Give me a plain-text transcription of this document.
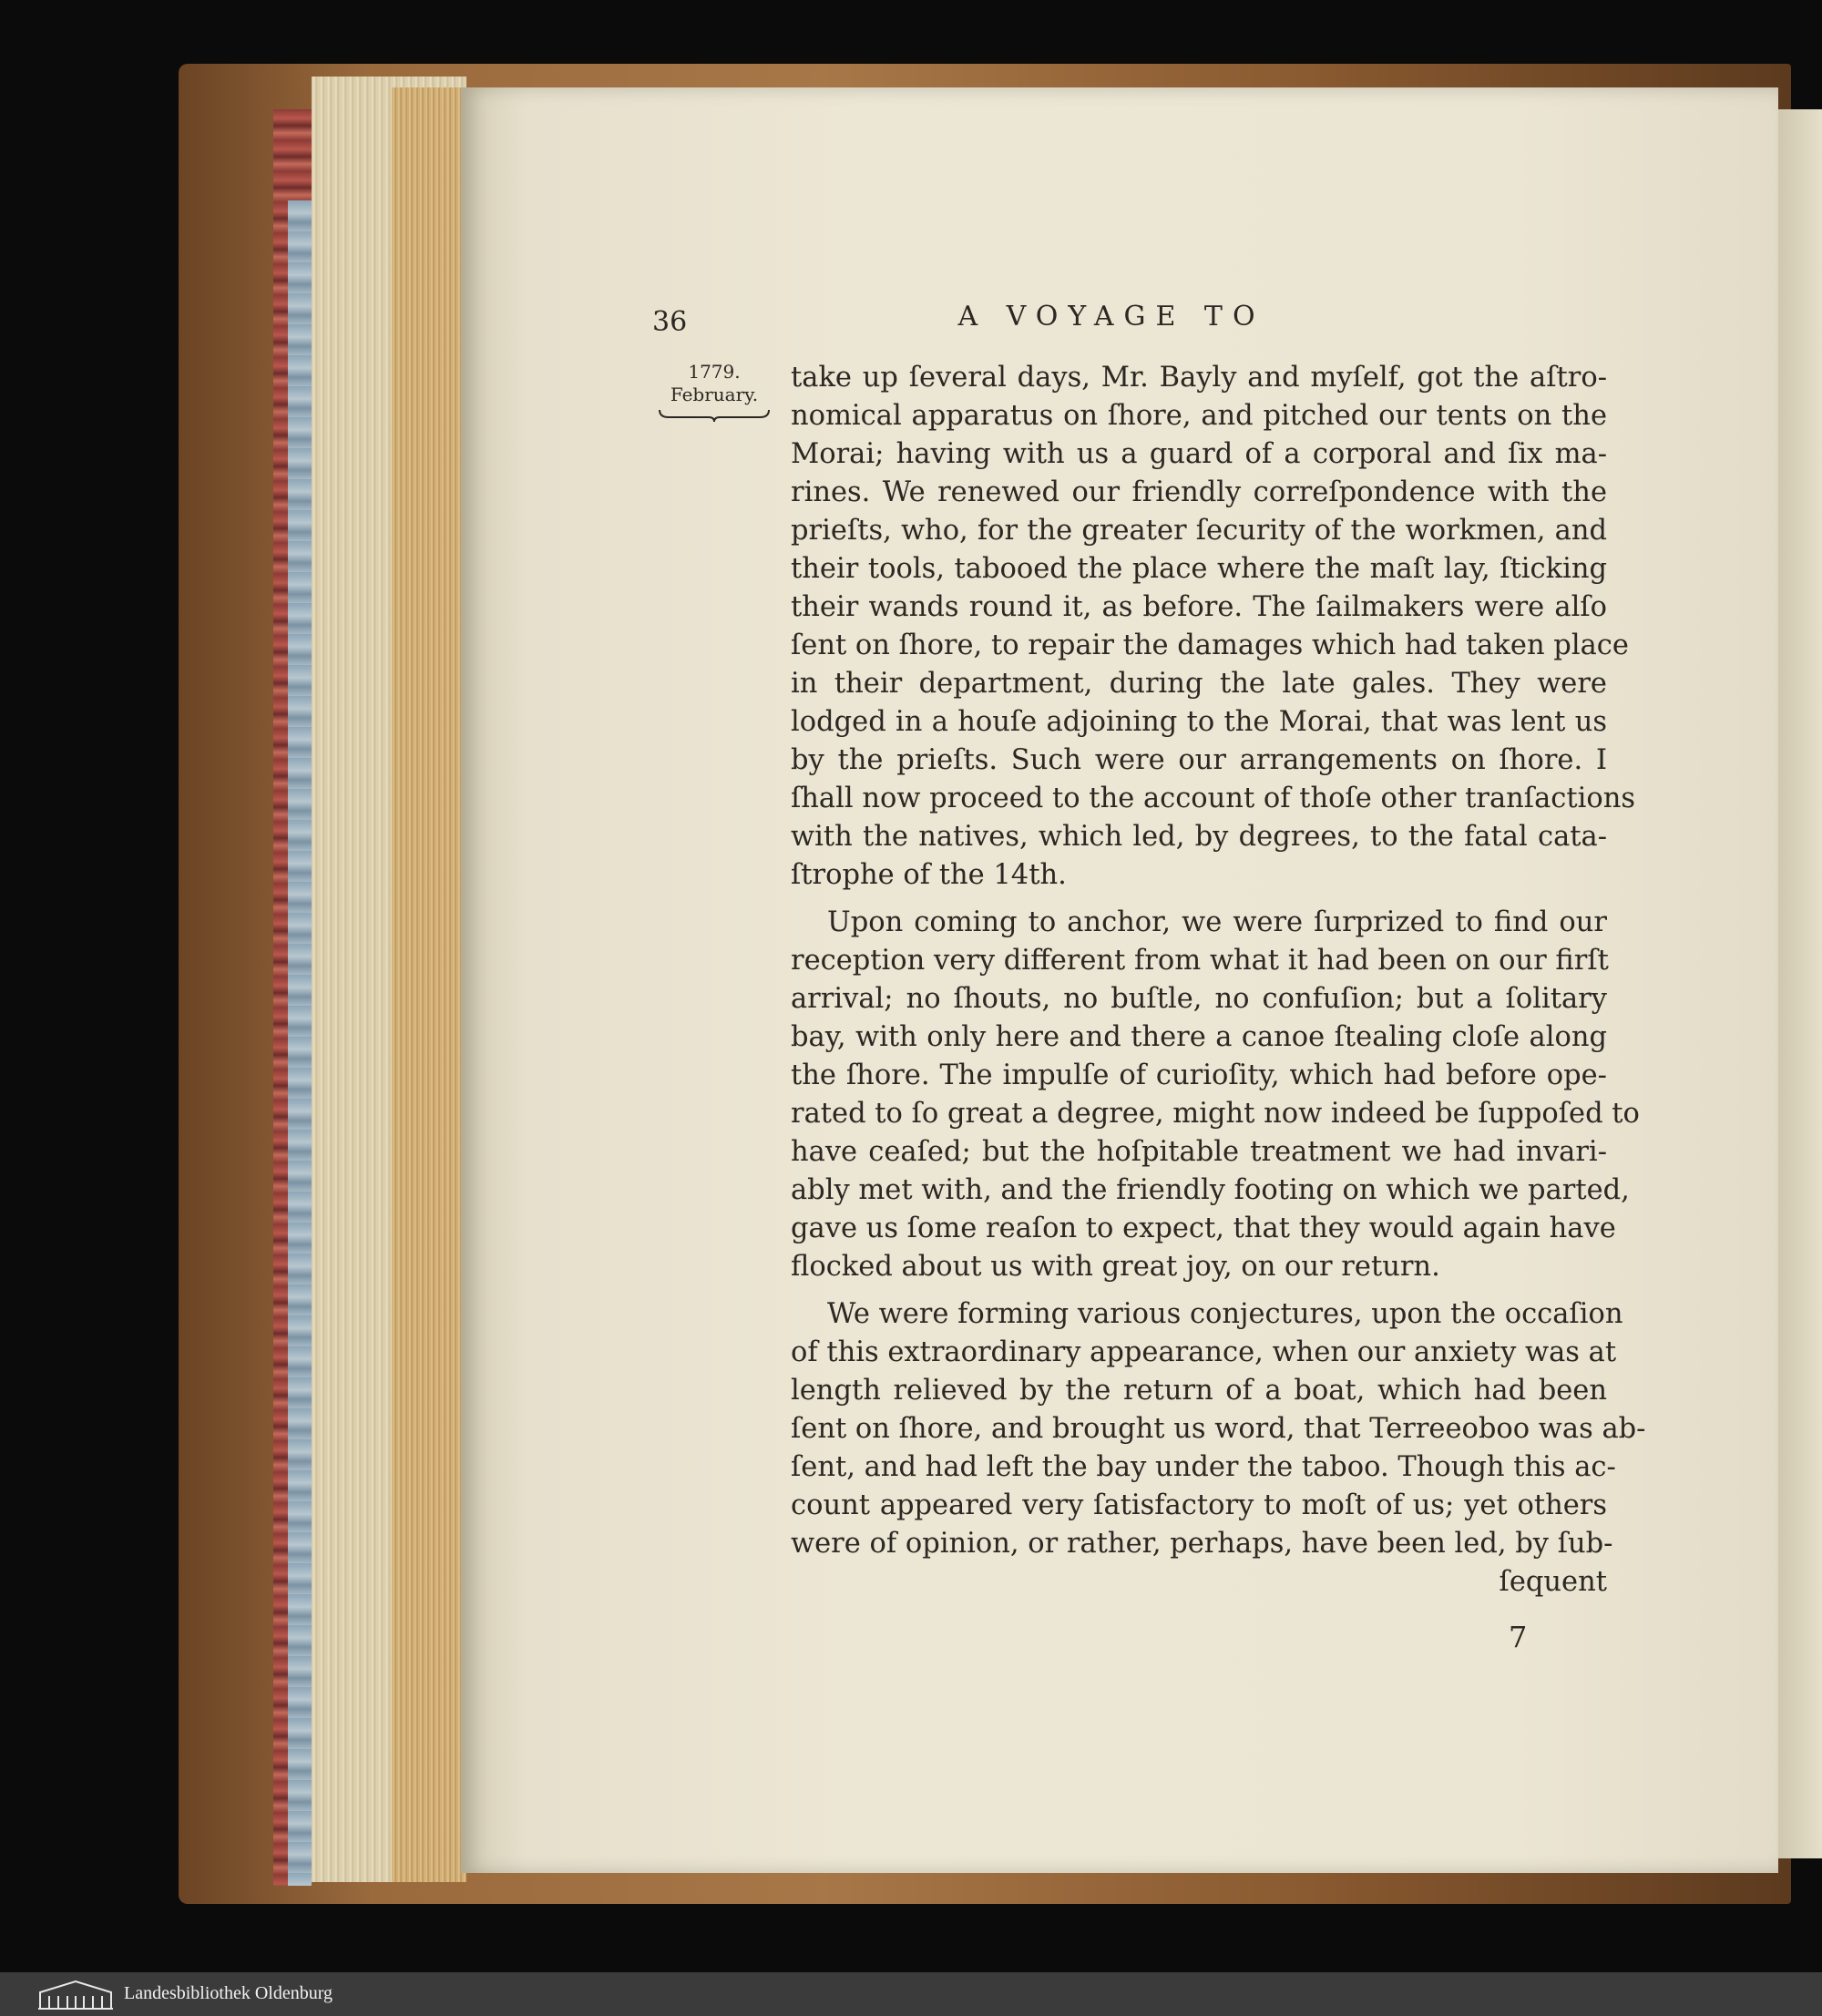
36	A VOYAGE TO
1779.
February.
take up ſeveral days, Mr. Bayly and myſelf, got the aſtro-
nomical apparatus on ſhore, and pitched our tents on the
Morai; having with us a guard of a corporal and ſix ma-
rines. We renewed our friendly correſpondence with the
prieſts, who, for the greater ſecurity of the workmen, and
their tools, tabooed the place where the maſt lay, ſticking
their wands round it, as before. The ſailmakers were alſo
ſent on ſhore, to repair the damages which had taken place
in their department, during the late gales. They were
lodged in a houſe adjoining to the Morai, that was lent us
by the prieſts. Such were our arrangements on ſhore. I
ſhall now proceed to the account of thoſe other tranſactions
with the natives, which led, by degrees, to the fatal cata-
ſtrophe of the 14th.
Upon coming to anchor, we were ſurprized to find our
reception very different from what it had been on our firſt
arrival; no ſhouts, no buſtle, no confuſion; but a ſolitary
bay, with only here and there a canoe ſtealing cloſe along
the ſhore. The impulſe of curioſity, which had before ope-
rated to ſo great a degree, might now indeed be ſuppoſed to
have ceaſed; but the hoſpitable treatment we had invari-
ably met with, and the friendly footing on which we parted,
gave us ſome reaſon to expect, that they would again have
flocked about us with great joy, on our return.
We were forming various conjectures, upon the occaſion
of this extraordinary appearance, when our anxiety was at
length relieved by the return of a boat, which had been
ſent on ſhore, and brought us word, that Terreeoboo was ab-
ſent, and had left the bay under the taboo. Though this ac-
count appeared very ſatisfactory to moſt of us; yet others
were of opinion, or rather, perhaps, have been led, by ſub-
ſequent
7
Landesbibliothek Oldenburg
